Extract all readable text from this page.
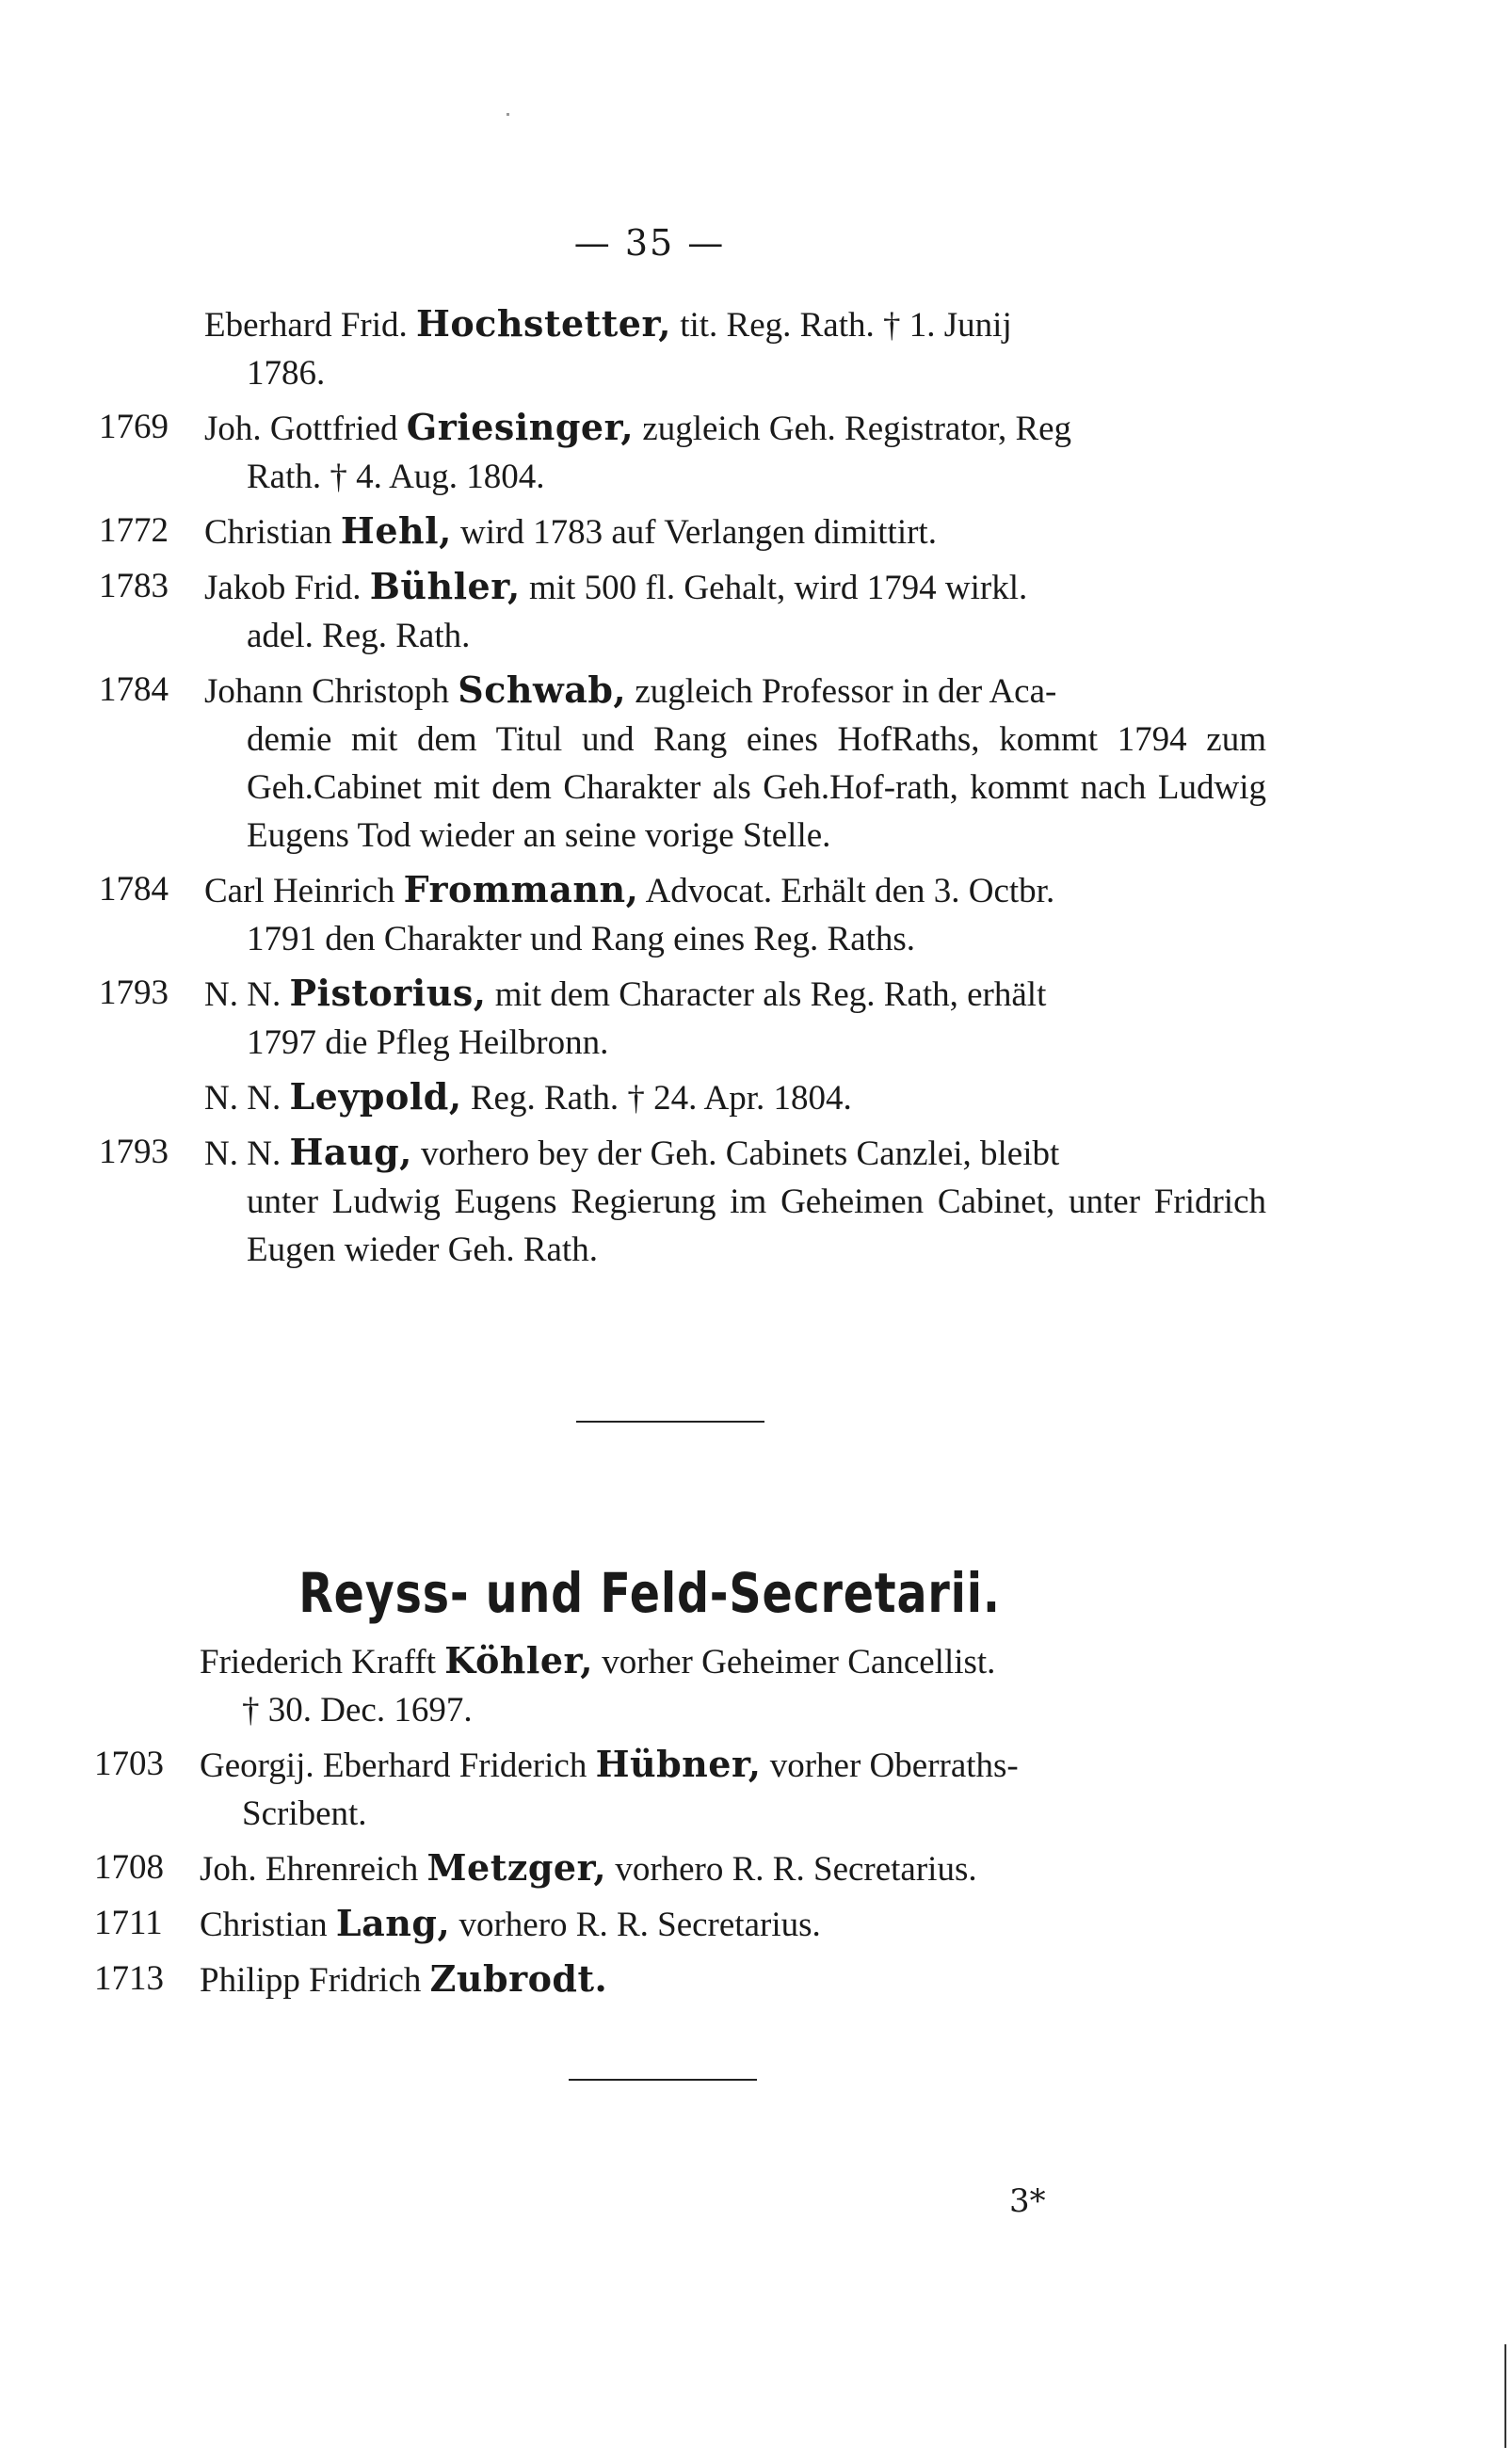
— 35 —
Eberhard Frid. Hochstetter, tit. Reg. Rath. † 1. Junij
1786.
1769	Joh. Gottfried Griesinger, zugleich Geh. Registrator, Reg
Rath. † 4. Aug. 1804.
1772	Christian Hehl, wird 1783 auf Verlangen dimittirt.
1783	Jakob Frid. Bühler, mit 500 fl. Gehalt, wird 1794 wirkl.
adel. Reg. Rath.
1784	Johann Christoph Schwab, zugleich Professor in der Aca-
demie mit dem Titul und Rang eines HofRaths, kommt 1794 zum Geh.Cabinet mit dem Charakter als Geh.Hof-rath, kommt nach Ludwig Eugens Tod wieder an seine vorige Stelle.
1784	Carl Heinrich Frommann, Advocat. Erhält den 3. Octbr.
1791 den Charakter und Rang eines Reg. Raths.
1793	N. N. Pistorius, mit dem Character als Reg. Rath, erhält
1797 die Pfleg Heilbronn.
N. N. Leypold, Reg. Rath. † 24. Apr. 1804.
1793	N. N. Haug, vorhero bey der Geh. Cabinets Canzlei, bleibt
unter Ludwig Eugens Regierung im Geheimen Cabinet, unter Fridrich Eugen wieder Geh. Rath.
Reyss- und Feld-Secretarii.
Friederich Krafft Köhler, vorher Geheimer Cancellist.
† 30. Dec. 1697.
1703	Georgij. Eberhard Friderich Hübner, vorher Oberraths-
Scribent.
1708	Joh. Ehrenreich Metzger, vorhero R. R. Secretarius.
1711	Christian Lang, vorhero R. R. Secretarius.
1713	Philipp Fridrich Zubrodt.
3*
